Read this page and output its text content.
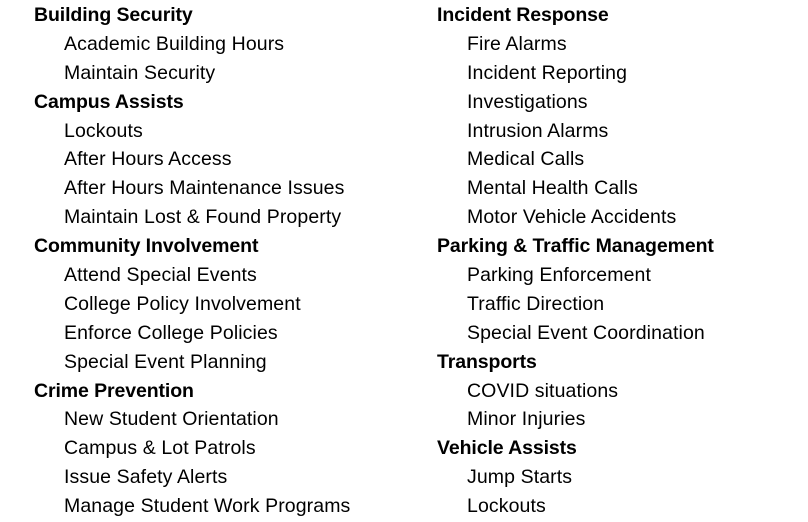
Building Security
Academic Building Hours
Maintain Security
Campus Assists
Lockouts
After Hours Access
After Hours Maintenance Issues
Maintain Lost & Found Property
Community Involvement
Attend Special Events
College Policy Involvement
Enforce College Policies
Special Event Planning
Crime Prevention
New Student Orientation
Campus & Lot Patrols
Issue Safety Alerts
Manage Student Work Programs
Incident Response
Fire Alarms
Incident Reporting
Investigations
Intrusion Alarms
Medical Calls
Mental Health Calls
Motor Vehicle Accidents
Parking & Traffic Management
Parking Enforcement
Traffic Direction
Special Event Coordination
Transports
COVID situations
Minor Injuries
Vehicle Assists
Jump Starts
Lockouts
